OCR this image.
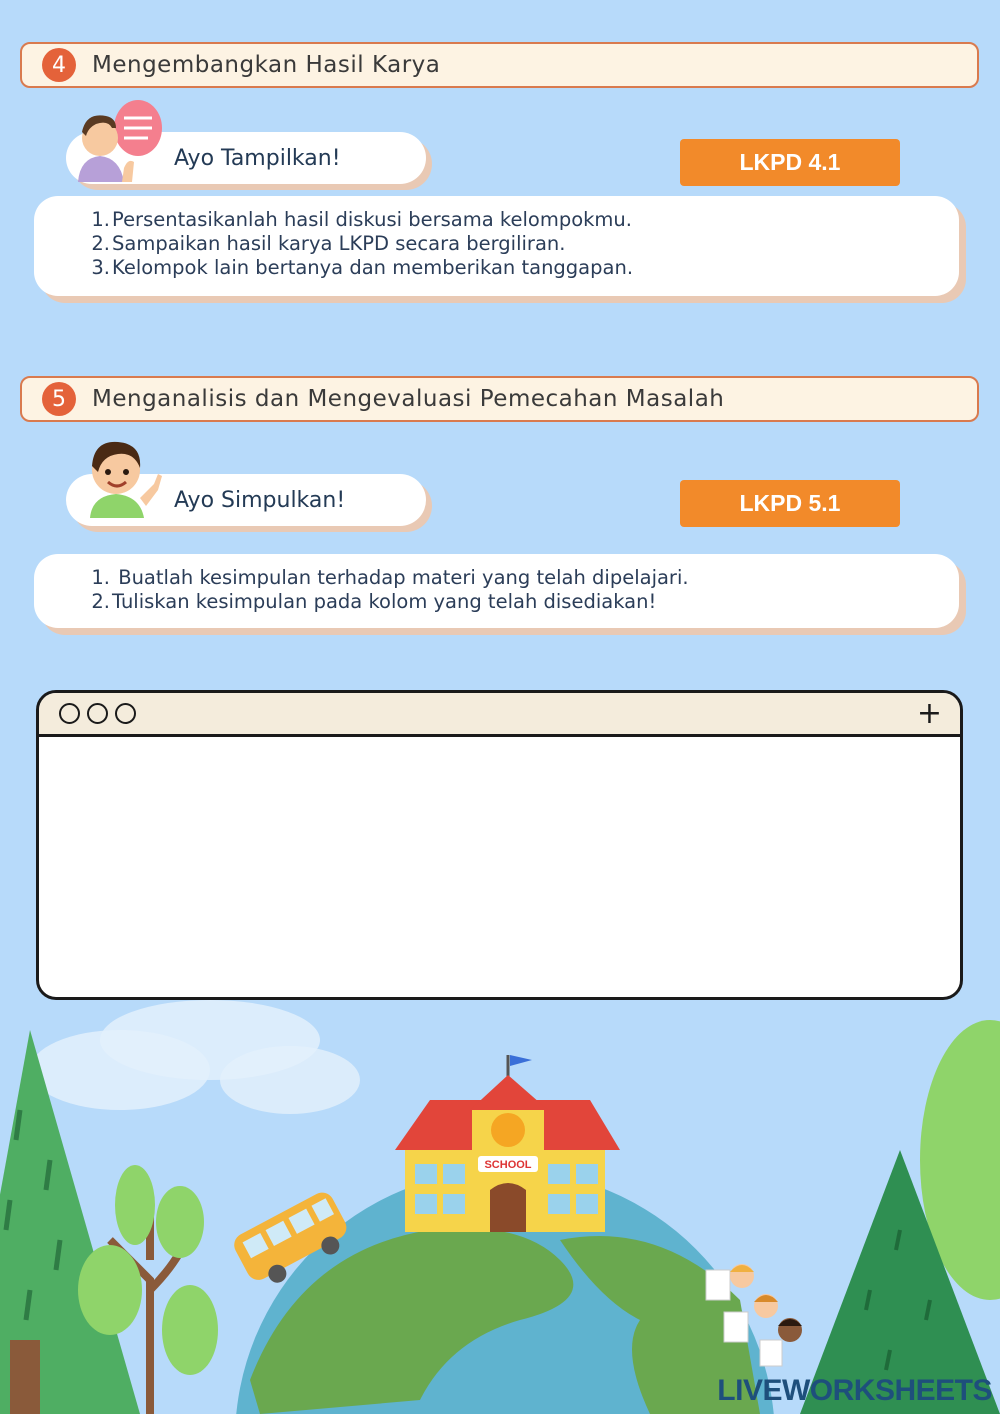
4	Mengembangkan Hasil Karya
Ayo Tampilkan!	LKPD 4.1
1. Persentasikanlah hasil diskusi bersama kelompokmu.
2. Sampaikan hasil karya LKPD secara bergiliran.
3. Kelompok lain bertanya dan memberikan tanggapan.
5	Menganalisis dan Mengevaluasi Pemecahan Masalah
Ayo Simpulkan!	LKPD 5.1
1. Buatlah kesimpulan terhadap materi yang telah dipelajari.
2. Tuliskan kesimpulan pada kolom yang telah disediakan!
+
SCHOOL
LIVEWORKSHEETS
